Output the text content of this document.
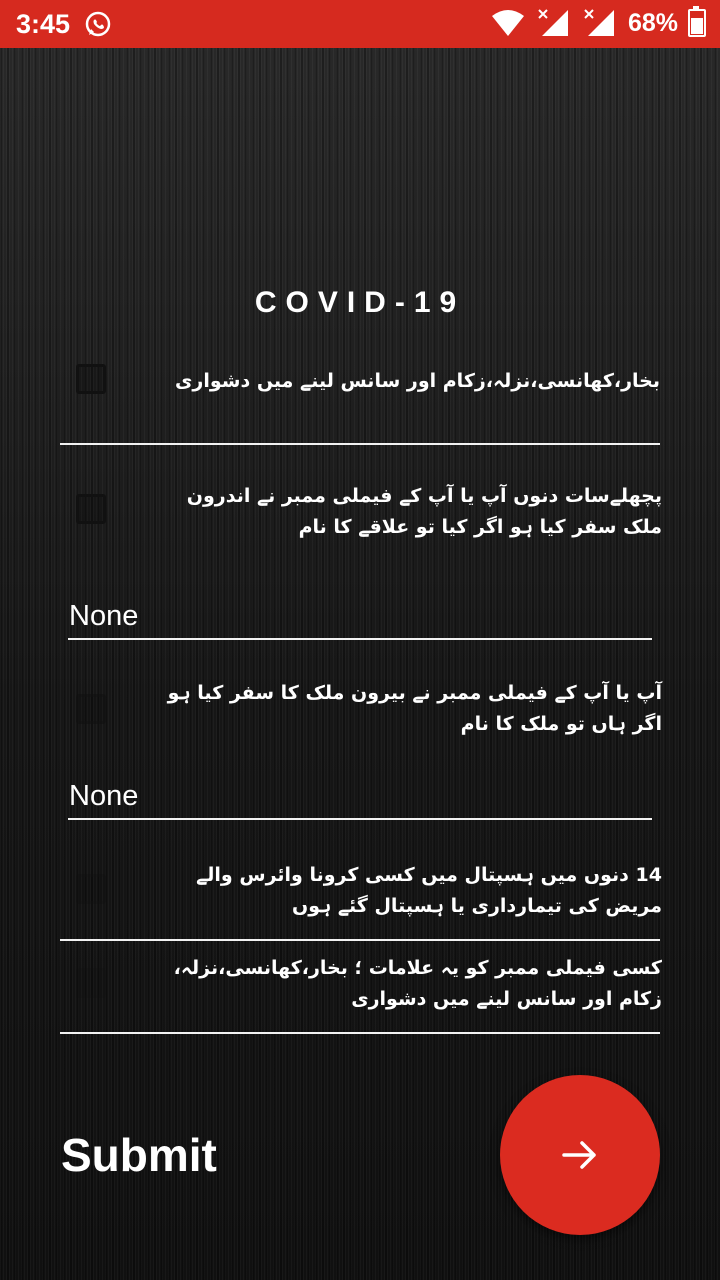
3:45	68%
COVID-19
بخار،کھانسی،نزلہ،زکام اور سانس لینے میں دشواری
پچھلےسات دنوں آپ یا آپ کے فیملی ممبر نے اندرون ملک سفر کیا ہو اگر کیا تو علاقے کا نام
None
آپ یا آپ کے فیملی ممبر نے بیرون ملک کا سفر کیا ہو اگر ہاں تو ملک کا نام
None
14 دنوں میں ہسپتال میں کسی کرونا وائرس والے مریض کی تیمارداری یا ہسپتال گئے ہوں
کسی فیملی ممبر کو یہ علامات ؛ بخار،کھانسی،نزلہ، زکام اور سانس لینے میں دشواری
Submit
